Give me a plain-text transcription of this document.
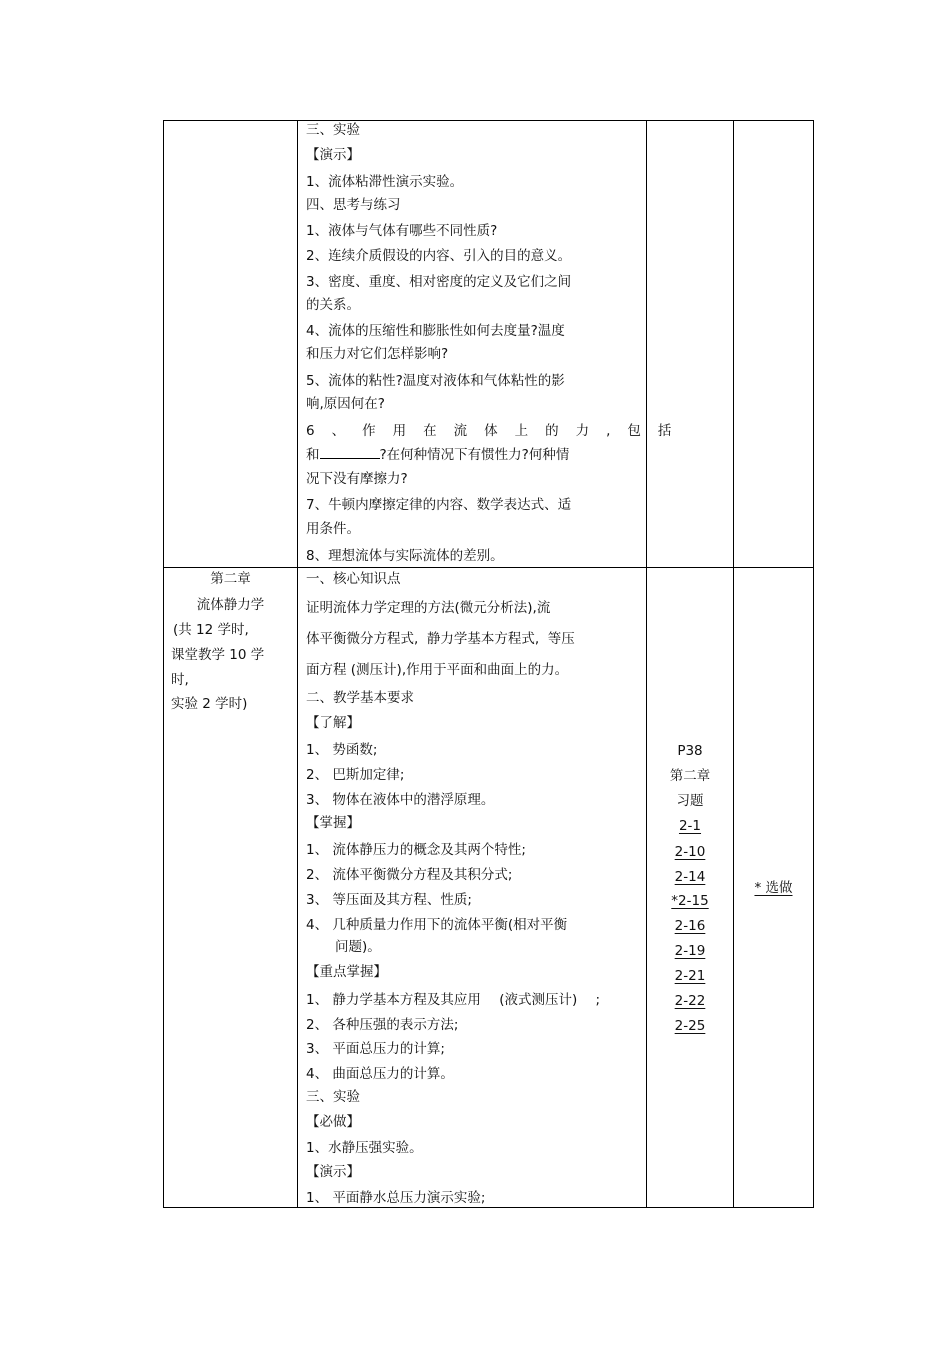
三、实验
【演示】
1、流体粘滞性演示实验。
四、思考与练习
1、液体与气体有哪些不同性质?
2、连续介质假设的内容、引入的目的意义。
3、密度、重度、相对密度的定义及它们之间
的关系。
4、流体的压缩性和膨胀性如何去度量?温度
和压力对它们怎样影响?
5、流体的粘性?温度对液体和气体粘性的影
响,原因何在?
6、作用在流体上的力,包括
和	?在何种情况下有惯性力?何种情
况下没有摩擦力?
7、牛顿内摩擦定律的内容、数学表达式、适
用条件。
8、理想流体与实际流体的差别。
第二章
流体静力学
(共 12 学时,
课堂教学 10 学
时,
实验 2 学时)
一、核心知识点
证明流体力学定理的方法(微元分析法),流
体平衡微分方程式,  静力学基本方程式,  等压
面方程 (测压计),作用于平面和曲面上的力。
二、教学基本要求
【了解】
1、 势函数;
2、 巴斯加定律;
3、 物体在液体中的潜浮原理。
【掌握】
1、 流体静压力的概念及其两个特性;
2、 流体平衡微分方程及其积分式;
3、 等压面及其方程、性质;
4、 几种质量力作用下的流体平衡(相对平衡
问题)。
【重点掌握】
1、 静力学基本方程及其应用 (液式测压计) ;
2、 各种压强的表示方法;
3、 平面总压力的计算;
4、 曲面总压力的计算。
三、实验
【必做】
1、水静压强实验。
【演示】
1、 平面静水总压力演示实验;
P38
第二章
习题
2-1
2-10
2-14
*2-15
2-16
2-19
2-21
2-22
2-25
* 选做
